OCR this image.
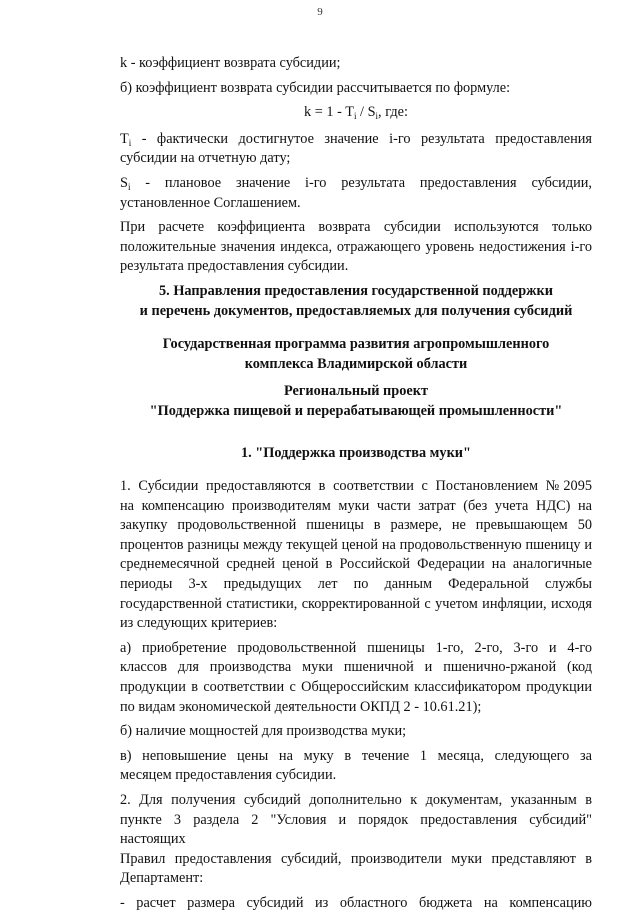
9
k - коэффициент возврата субсидии;
б) коэффициент возврата субсидии рассчитывается по формуле:
$k = 1 - T_i / S_i$, где:
$T_i$ - фактически достигнутое значение i-го результата предоставления
субсидии на отчетную дату;
$S_i$ - плановое значение i-го результата предоставления субсидии,
установленное Соглашением.
При расчете коэффициента возврата субсидии используются только
положительные значения индекса, отражающего уровень недостижения i-го
результата предоставления субсидии.
5. Направления предоставления государственной поддержки
и перечень документов, предоставляемых для получения субсидий
Государственная программа развития агропромышленного
комплекса Владимирской области
Региональный проект
"Поддержка пищевой и перерабатывающей промышленности"
1. "Поддержка производства муки"
1. Субсидии предоставляются в соответствии с Постановлением №2095
на компенсацию производителям муки части затрат (без учета НДС) на
закупку продовольственной пшеницы в размере, не превышающем 50
процентов разницы между текущей ценой на продовольственную пшеницу и
среднемесячной средней ценой в Российской Федерации на аналогичные
периоды 3-х предыдущих лет по данным Федеральной службы
государственной статистики, скорректированной с учетом инфляции, исходя
из следующих критериев:
а) приобретение продовольственной пшеницы 1-го, 2-го, 3-го и 4-го
классов для производства муки пшеничной и пшенично-ржаной (код
продукции в соответствии с Общероссийским классификатором продукции
по видам экономической деятельности ОКПД 2 - 10.61.21);
б) наличие мощностей для производства муки;
в) неповышение цены на муку в течение 1 месяца, следующего за
месяцем предоставления субсидии.
2. Для получения субсидий дополнительно к документам, указанным в
пункте 3 раздела 2 "Условия и порядок предоставления субсидий" настоящих
Правил предоставления субсидий, производители муки представляют в
Департамент:
- расчет размера субсидий из областного бюджета на компенсацию
